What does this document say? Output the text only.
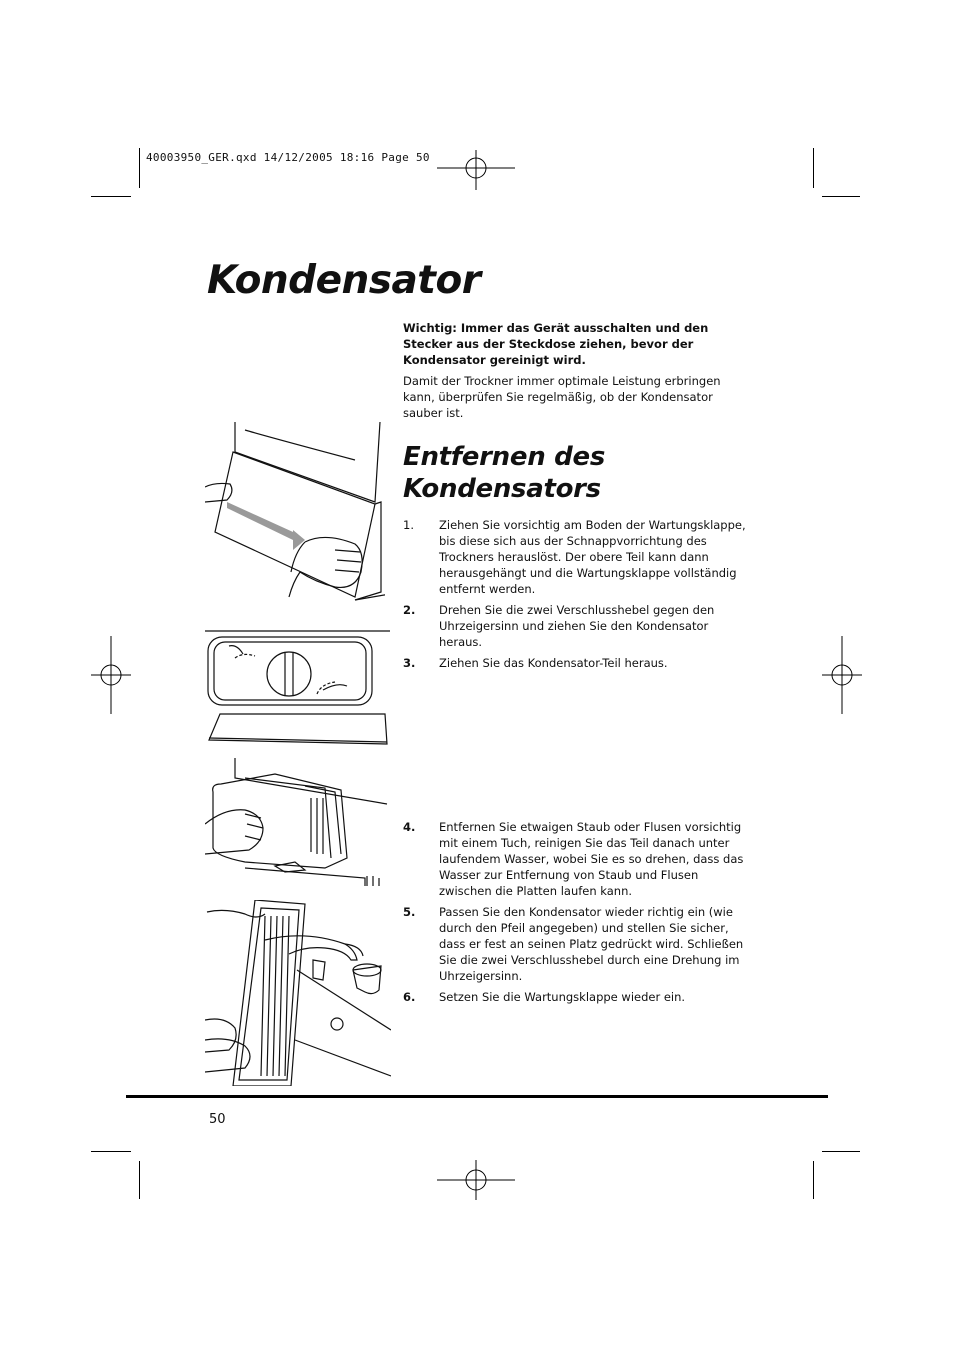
40003950_GER.qxd 14/12/2005 18:16 Page 50
Kondensator

Wichtig: Immer das Gerät ausschalten und den Stecker aus der Steckdose ziehen, bevor der Kondensator gereinigt wird.

Damit der Trockner immer optimale Leistung erbringen kann, überprüfen Sie regelmäßig, ob der Kondensator sauber ist.

Entfernen des Kondensators
1. Ziehen Sie vorsichtig am Boden der Wartungsklappe, bis diese sich aus der Schnappvorrichtung des Trockners herauslöst. Der obere Teil kann dann herausgehängt und die Wartungsklappe vollständig entfernt werden.
2. Drehen Sie die zwei Verschlusshebel gegen den Uhrzeigersinn und ziehen Sie den Kondensator heraus.
3. Ziehen Sie das Kondensator-Teil heraus.
4. Entfernen Sie etwaigen Staub oder Flusen vorsichtig mit einem Tuch, reinigen Sie das Teil danach unter laufendem Wasser, wobei Sie es so drehen, dass das Wasser zur Entfernung von Staub und Flusen zwischen die Platten laufen kann.
5. Passen Sie den Kondensator wieder richtig ein (wie durch den Pfeil angegeben) und stellen Sie sicher, dass er fest an seinen Platz gedrückt wird. Schließen Sie die zwei Verschlusshebel durch eine Drehung im Uhrzeigersinn.
6. Setzen Sie die Wartungsklappe wieder ein.
50
